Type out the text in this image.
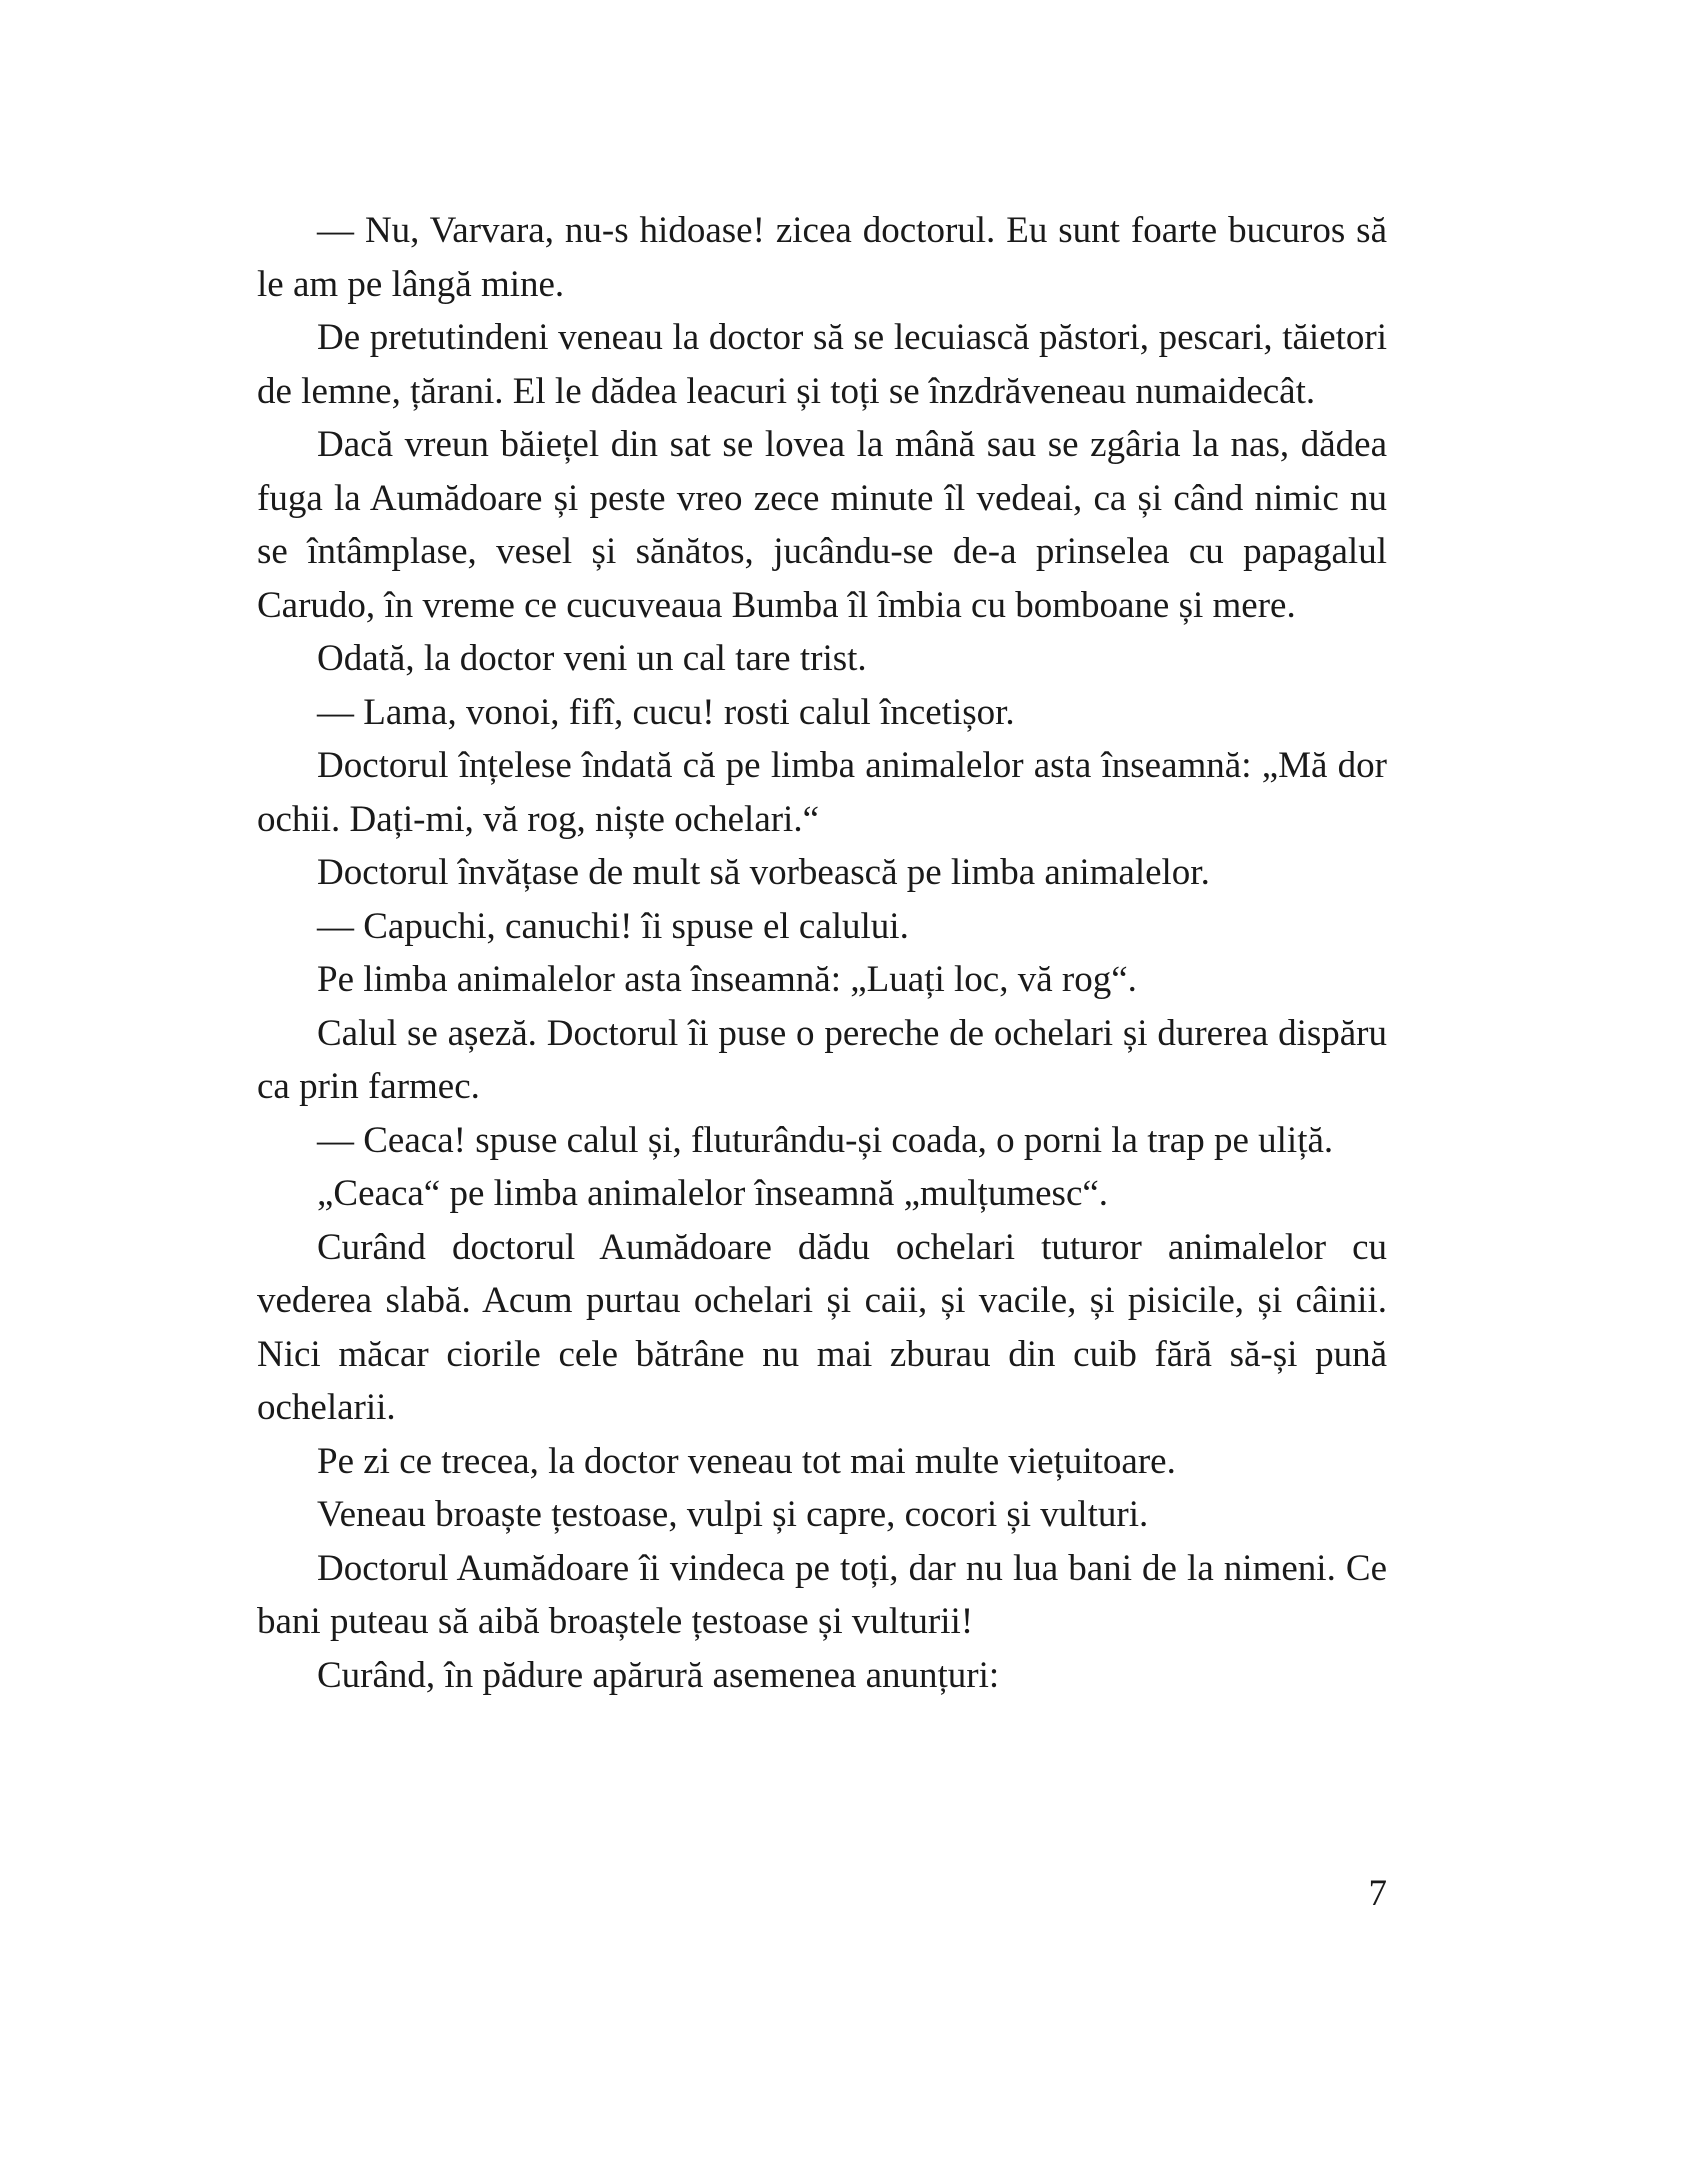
— Nu, Varvara, nu-s hidoase! zicea doctorul. Eu sunt foarte bucuros să le am pe lângă mine.

De pretutindeni veneau la doctor să se lecuiască păstori, pescari, tăietori de lemne, țărani. El le dădea leacuri și toți se înzdrăveneau numaidecât.

Dacă vreun băiețel din sat se lovea la mână sau se zgâria la nas, dădea fuga la Aumădoare și peste vreo zece minute îl vedeai, ca și când nimic nu se întâmplase, vesel și sănătos, jucându-se de-a prinselea cu papagalul Carudo, în vreme ce cucuveaua Bumba îl îmbia cu bomboane și mere.

Odată, la doctor veni un cal tare trist.

— Lama, vonoi, fifî, cucu! rosti calul încetișor.

Doctorul înțelese îndată că pe limba animalelor asta înseamnă: „Mă dor ochii. Dați-mi, vă rog, niște ochelari.“

Doctorul învățase de mult să vorbească pe limba animalelor.

— Capuchi, canuchi! îi spuse el calului.

Pe limba animalelor asta înseamnă: „Luați loc, vă rog“.

Calul se așeză. Doctorul îi puse o pereche de ochelari și durerea dispăru ca prin farmec.

— Ceaca! spuse calul și, fluturându-și coada, o porni la trap pe uliță.

„Ceaca“ pe limba animalelor înseamnă „mulțumesc“.

Curând doctorul Aumădoare dădu ochelari tuturor animalelor cu vederea slabă. Acum purtau ochelari și caii, și vacile, și pisicile, și câinii. Nici măcar ciorile cele bătrâne nu mai zburau din cuib fără să-și pună ochelarii.

Pe zi ce trecea, la doctor veneau tot mai multe viețuitoare.

Veneau broaște țestoase, vulpi și capre, cocori și vulturi.

Doctorul Aumădoare îi vindeca pe toți, dar nu lua bani de la nimeni. Ce bani puteau să aibă broaștele țestoase și vulturii!

Curând, în pădure apărură asemenea anunțuri:

7
